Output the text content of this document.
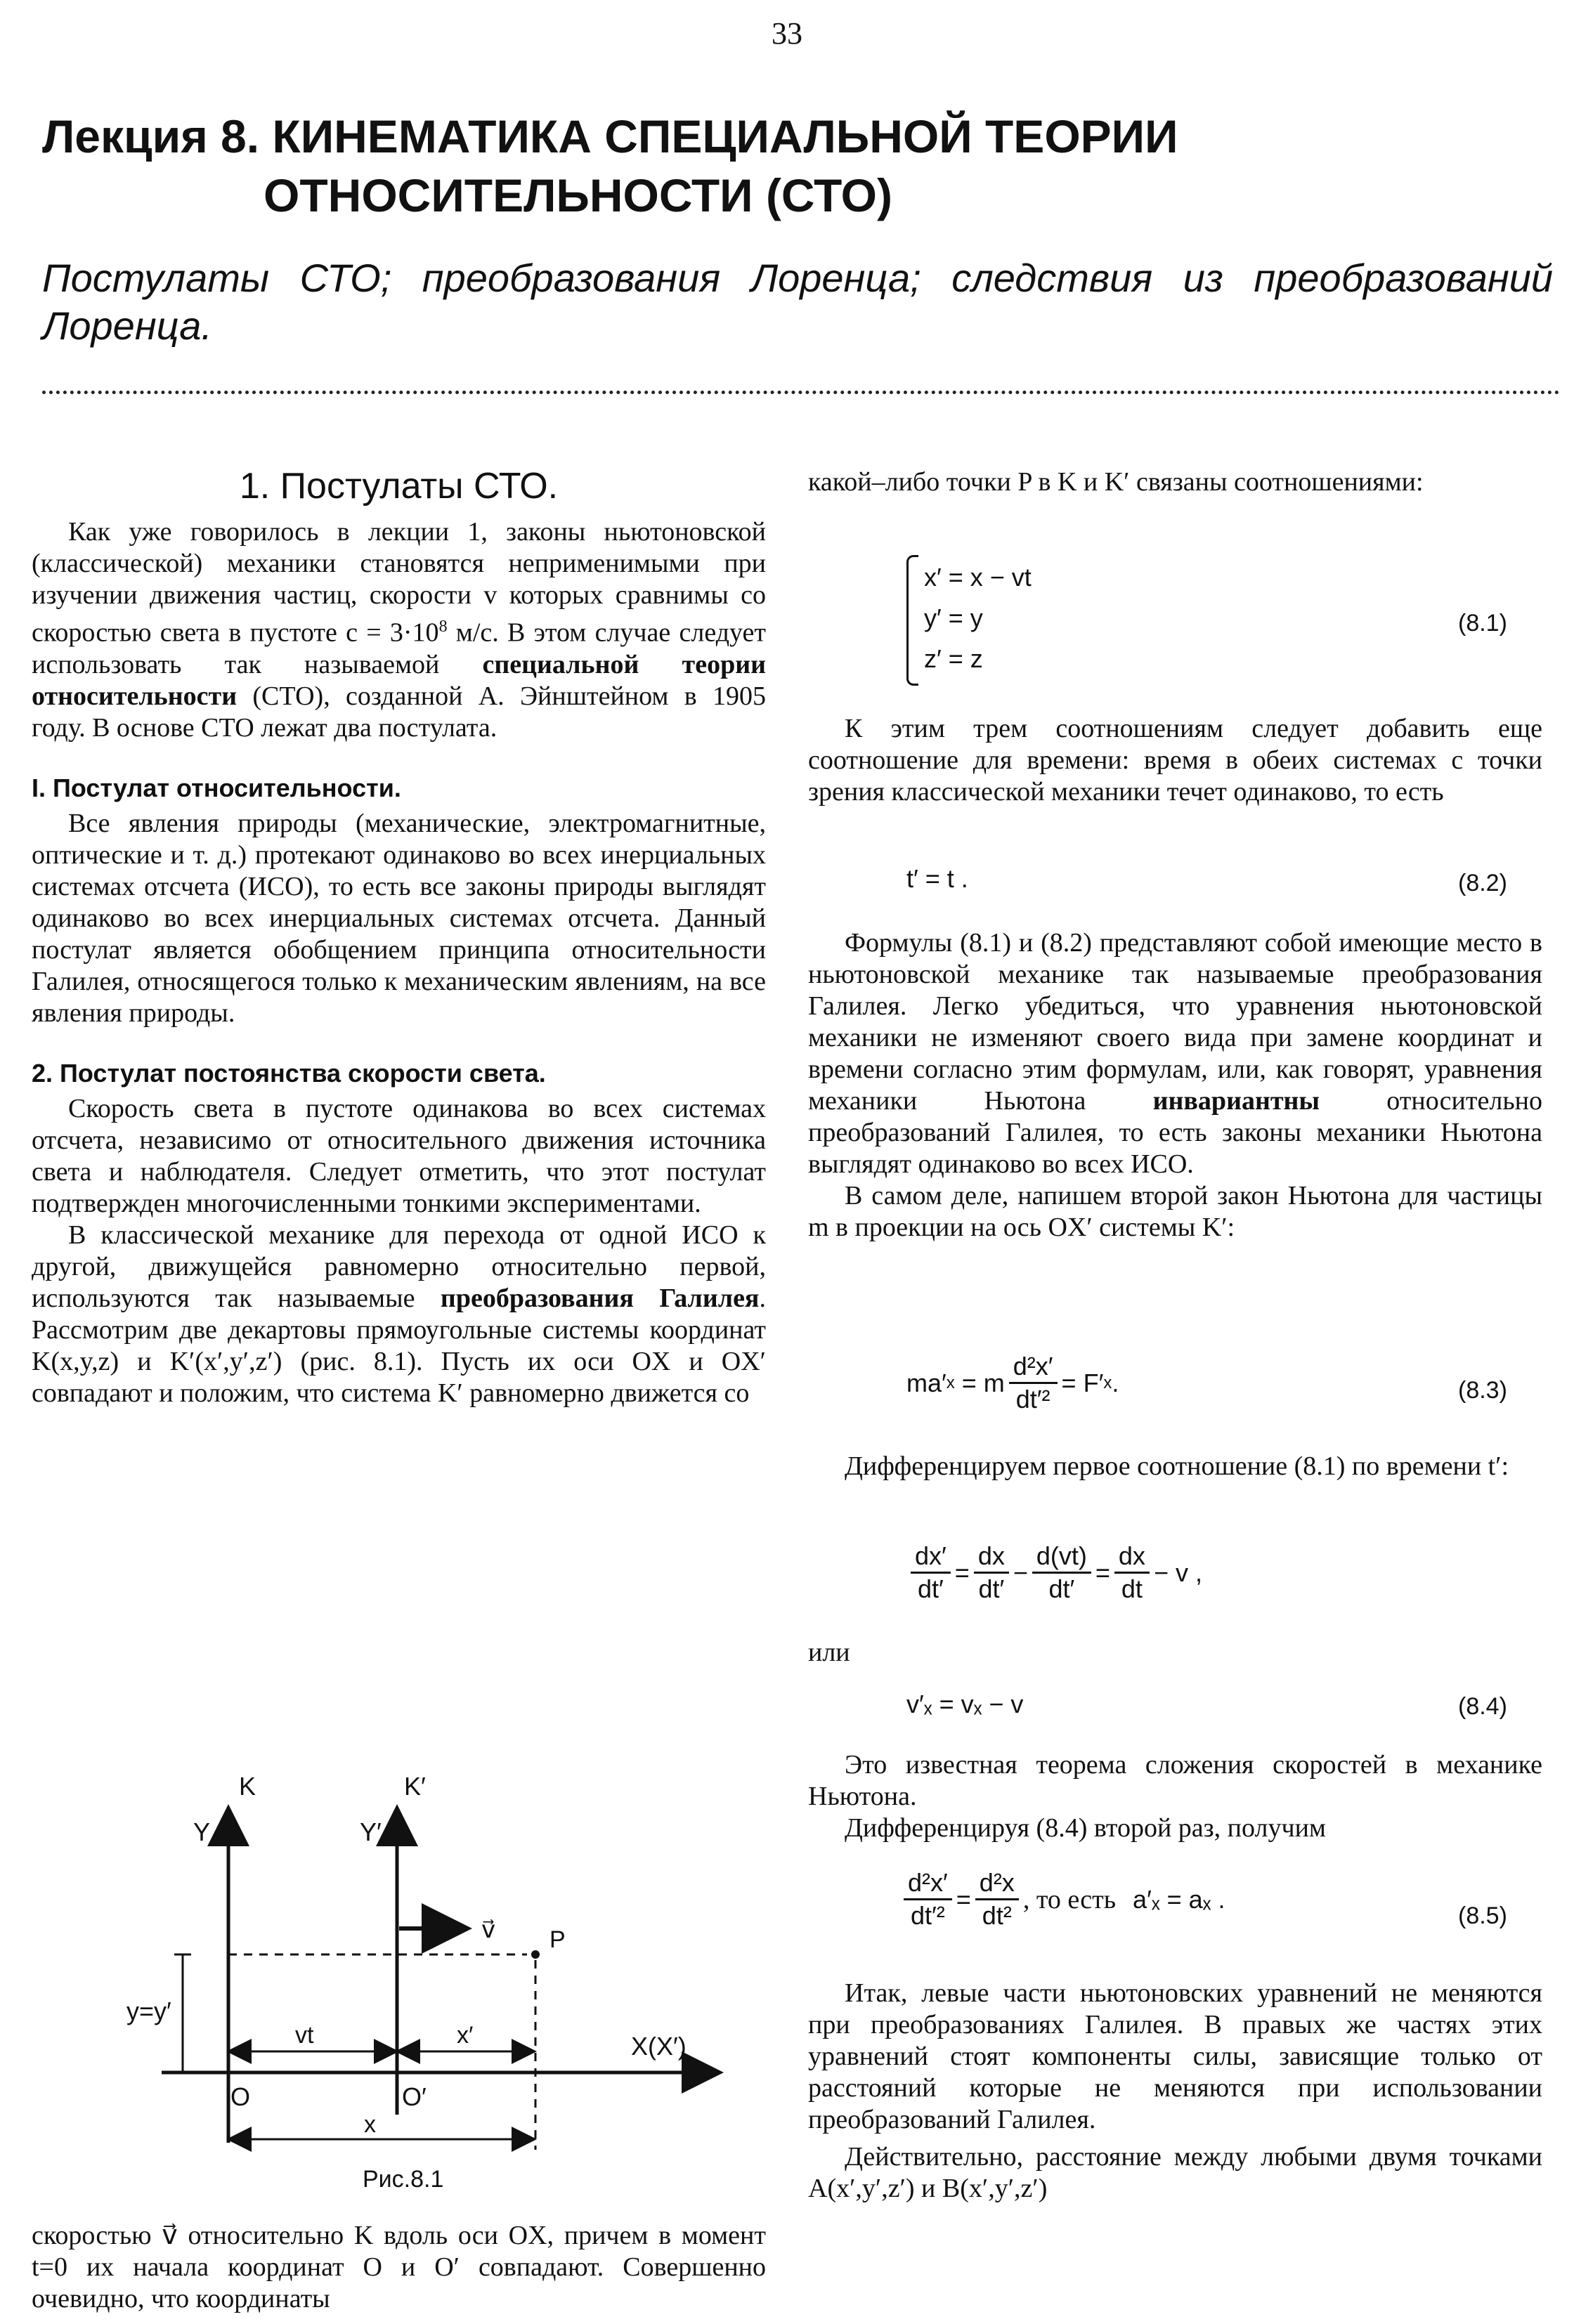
33
Лекция 8. КИНЕМАТИКА СПЕЦИАЛЬНОЙ ТЕОРИИ
ОТНОСИТЕЛЬНОСТИ (СТО)
Постулаты СТО; преобразования Лоренца; следствия из преобразований Лоренца.
1. Постулаты СТО.

Как уже говорилось в лекции 1, законы ньютоновской (классической) механики становятся неприменимыми при изучении движения частиц, скорости v которых сравнимы со скоростью света в пустоте $c = 3\cdot 10^8$ м/с. В этом случае следует использовать так называемой специальной теории относительности (СТО), созданной А. Эйнштейном в 1905 году. В основе СТО лежат два постулата.

I. Постулат относительности.

Все явления природы (механические, электромагнитные, оптические и т. д.) протекают одинаково во всех инерциальных системах отсчета (ИСО), то есть все законы природы выглядят одинаково во всех инерциальных системах отсчета. Данный постулат является обобщением принципа относительности Галилея, относящегося только к механическим явлениям, на все явления природы.

2. Постулат постоянства скорости света.

Скорость света в пустоте одинакова во всех системах отсчета, независимо от относительного движения источника света и наблюдателя. Следует отметить, что этот постулат подтвержден многочисленными тонкими экспериментами.

В классической механике для перехода от одной ИСО к другой, движущейся равномерно относительно первой, используются так называемые преобразования Галилея. Рассмотрим две декартовы прямоугольные системы координат K(x,y,z) и K′(x′,y′,z′) (рис. 8.1). Пусть их оси OX и OX′ совпадают и положим, что система K′ равномерно движется со

K	K′
Y	Y′
v⃗ P
y=y′
vt	x′	X(X′)
O	O′
x
Рис.8.1

скоростью v⃗ относительно K вдоль оси OX, причем в момент t=0 их начала координат O и O′ совпадают. Совершенно очевидно, что координаты

какой–либо точки P в K и K′ связаны соотношениями:

x′ = x − vt
y′ = y
z′ = z
(8.1)

К этим трем соотношениям следует добавить еще соотношение для времени: время в обеих системах с точки зрения классической механики течет одинаково, то есть

t′ = t .	(8.2)

Формулы (8.1) и (8.2) представляют собой имеющие место в ньютоновской механике так называемые преобразования Галилея. Легко убедиться, что уравнения ньютоновской механики не изменяют своего вида при замене координат и времени согласно этим формулам, или, как говорят, уравнения механики Ньютона инвариантны относительно преобразований Галилея, то есть законы механики Ньютона выглядят одинаково во всех ИСО.

В самом деле, напишем второй закон Ньютона для частицы m в проекции на ось OX′ системы K′:

ma′ x = m $\frac{\text{d²x′}}{\text{dt′²}} = F'$ x .	(8.3)

Дифференцируем первое соотношение (8.1) по времени t′:

$\frac{dx'}{dt'} = \frac{dx}{dt'} - \frac{d(vt)}{dt'} = \frac{dx}{dt} - v$ ,
или
v′ₓ = vₓ − v	(8.4)

Это известная теорема сложения скоростей в механике Ньютона.

Дифференцируя (8.4) второй раз, получим

$\frac{\text{d²x′}}{\text{dt′²}} = \frac{\text{d²x}}{\text{dt²}}$ , то есть a′ₓ = aₓ .
(8.5)

Итак, левые части ньютоновских уравнений не меняются при преобразованиях Галилея. В правых же частях этих уравнений стоят компоненты силы, зависящие только от расстояний которые не меняются при использовании преобразований Галилея.

Действительно, расстояние между любыми двумя точками A(x′,y′,z′) и B(x′,y′,z′)
